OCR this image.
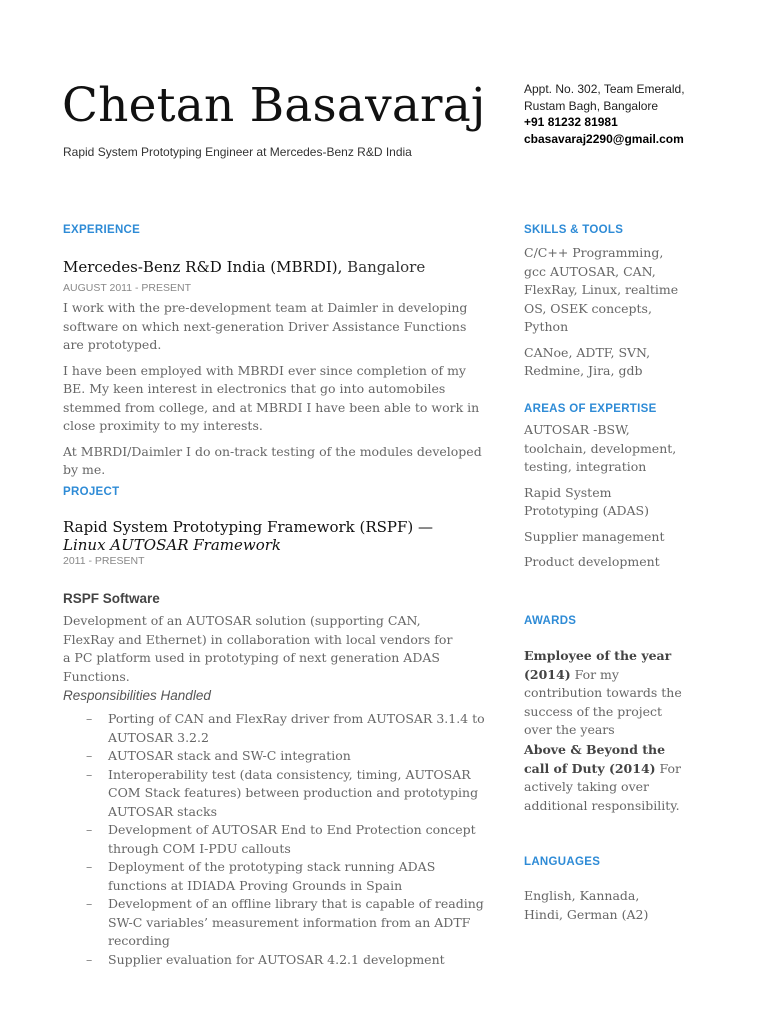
Chetan Basavaraj
Rapid System Prototyping Engineer at Mercedes-Benz R&D India
Appt. No. 302, Team Emerald,
Rustam Bagh, Bangalore
+91 81232 81981
cbasavaraj2290@gmail.com
EXPERIENCE
Mercedes-Benz R&D India (MBRDI), Bangalore
AUGUST 2011 - PRESENT
I work with the pre-development team at Daimler in developing software on which next-generation Driver Assistance Functions are prototyped.
I have been employed with MBRDI ever since completion of my BE. My keen interest in electronics that go into automobiles stemmed from college, and at MBRDI I have been able to work in close proximity to my interests.
At MBRDI/Daimler I do on-track testing of the modules developed by me.
PROJECT
Rapid System Prototyping Framework (RSPF) — Linux AUTOSAR Framework
2011 - PRESENT
RSPF Software
Development of an AUTOSAR solution (supporting CAN, FlexRay and Ethernet) in collaboration with local vendors for a PC platform used in prototyping of next generation ADAS Functions.
Responsibilities Handled
– Porting of CAN and FlexRay driver from AUTOSAR 3.1.4 to AUTOSAR 3.2.2
– AUTOSAR stack and SW-C integration
– Interoperability test (data consistency, timing, AUTOSAR COM Stack features) between production and prototyping AUTOSAR stacks
– Development of AUTOSAR End to End Protection concept through COM I-PDU callouts
– Deployment of the prototyping stack running ADAS functions at IDIADA Proving Grounds in Spain
– Development of an offline library that is capable of reading SW-C variables’ measurement information from an ADTF recording
– Supplier evaluation for AUTOSAR 4.2.1 development
SKILLS & TOOLS

C/C++ Programming, gcc AUTOSAR, CAN, FlexRay, Linux, realtime OS, OSEK concepts, Python

CANoe, ADTF, SVN, Redmine, Jira, gdb

AREAS OF EXPERTISE

AUTOSAR -BSW, toolchain, development, testing, integration

Rapid System Prototyping (ADAS)

Supplier management

Product development

AWARDS
Employee of the year (2014) For my contribution towards the success of the project over the years
Above & Beyond the call of Duty (2014) For actively taking over additional responsibility.
LANGUAGES
English, Kannada, Hindi, German (A2)
